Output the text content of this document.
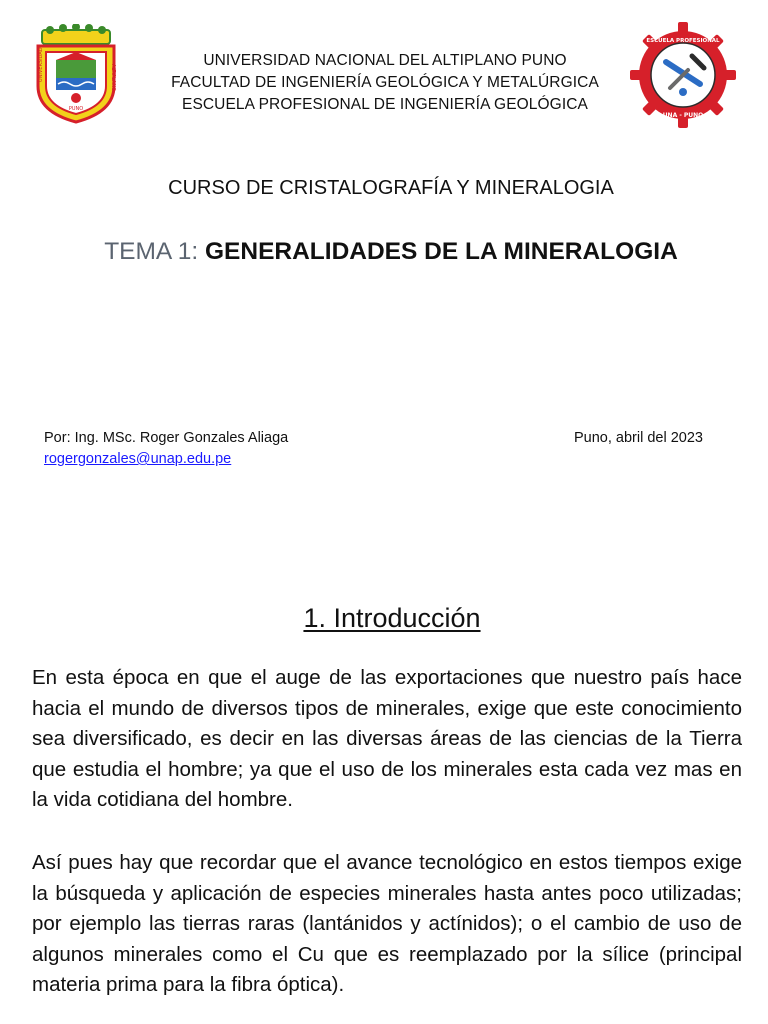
UNIVERSIDAD	ALTIPLANO
PUNO
UNIVERSIDAD NACIONAL DEL ALTIPLANO PUNO
FACULTAD DE INGENIERÍA GEOLÓGICA Y METALÚRGICA
ESCUELA PROFESIONAL DE INGENIERÍA GEOLÓGICA
ESCUELA PROFESIONAL
UNA - PUNO
CURSO DE CRISTALOGRAFÍA Y MINERALOGIA
TEMA 1: GENERALIDADES DE LA MINERALOGIA
Por: Ing. MSc. Roger Gonzales Aliaga
rogergonzales@unap.edu.pe
Puno, abril del 2023
1. Introducción
En esta época en que el auge de las exportaciones que nuestro país hace hacia el mundo de diversos tipos de minerales, exige que este conocimiento sea diversificado, es decir en las diversas áreas de las ciencias de la Tierra que estudia el hombre; ya que el uso de los minerales esta cada vez mas en la vida cotidiana del hombre.
Así pues hay que recordar que el avance tecnológico en estos tiempos exige la búsqueda y aplicación de especies minerales hasta antes poco utilizadas; por ejemplo las tierras raras (lantánidos y actínidos); o el cambio de uso de algunos minerales como el Cu que es reemplazado por la sílice (principal materia prima para la fibra óptica).
